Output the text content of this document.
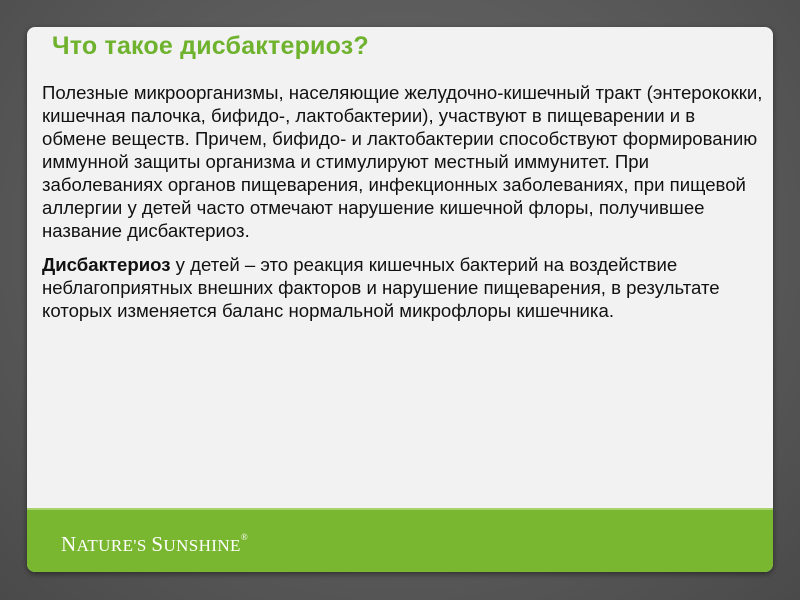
Что такое дисбактериоз?

Полезные микроорганизмы, населяющие желудочно-кишечный тракт (энтерококки, кишечная палочка, бифидо-, лактобактерии), участвуют в пищеварении и в обмене веществ. Причем, бифидо- и лактобактерии способствуют формированию иммунной защиты организма и стимулируют местный иммунитет. При заболеваниях органов пищеварения, инфекционных заболеваниях, при пищевой аллергии у детей часто отмечают нарушение кишечной флоры, получившее название дисбактериоз.

Дисбактериоз у детей – это реакция кишечных бактерий на воздействие неблагоприятных внешних факторов и нарушение пищеварения, в результате которых изменяется баланс нормальной микрофлоры кишечника.

NATURE'S SUNSHINE®
